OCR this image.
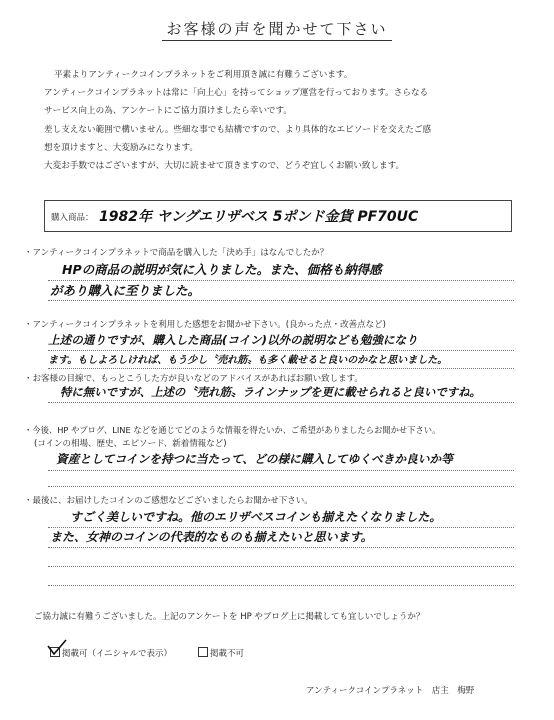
お客様の声を聞かせて下さい

平素よりアンティークコインプラネットをご利用頂き誠に有難うございます。

アンティークコインプラネットは常に「向上心」を持ってショップ運営を行っております。さらなる

サービス向上の為、アンケートにご協力頂けましたら幸いです。

差し支えない範囲で構いません。些細な事でも結構ですので、より具体的なエピソードを交えたご感

想を頂けますと、大変励みになります。

大変お手数ではございますが、大切に読ませて頂きますので、どうぞ宜しくお願い致します。

購入商品： 1982年 ヤングエリザベス 5ポンド金貨 PF70UC
・アンティークコインプラネットで商品を購入した「決め手」はなんでしたか？
HPの商品の説明が気に入りました。また、価格も納得感
があり購入に至りました。
・アンティークコインプラネットを利用した感想をお聞かせ下さい。(良かった点・改善点など)
上述の通りですが、購入した商品(コイン)以外の説明なども勉強になり
ます。もしよろしければ、もう少し〝売れ筋〟も多く載せると良いのかなと思いました。
・お客様の目線で、もっとこうした方が良いなどのアドバイスがあればお願い致します。
特に無いですが、上述の〝売れ筋〟ラインナップを更に載せられると良いですね。
・今後、HP やブログ、LINE などを通じてどのような情報を得たいか、ご希望がありましたらお聞かせ下さい。
(コインの相場、歴史、エピソード、新着情報など)
資産としてコインを持つに当たって、どの様に購入してゆくべきか良いか等
・最後に、お届けしたコインのご感想などございましたらお聞かせ下さい。
すごく美しいですね。他のエリザベスコインも揃えたくなりました。
また、女神のコインの代表的なものも揃えたいと思います。
ご協力誠に有難うございました。上記のアンケートを HP やブログ上に掲載しても宜しいでしょうか？
掲載可（イニシャルで表示）	掲載不可
アンティークコインプラネット　店主　梅野
